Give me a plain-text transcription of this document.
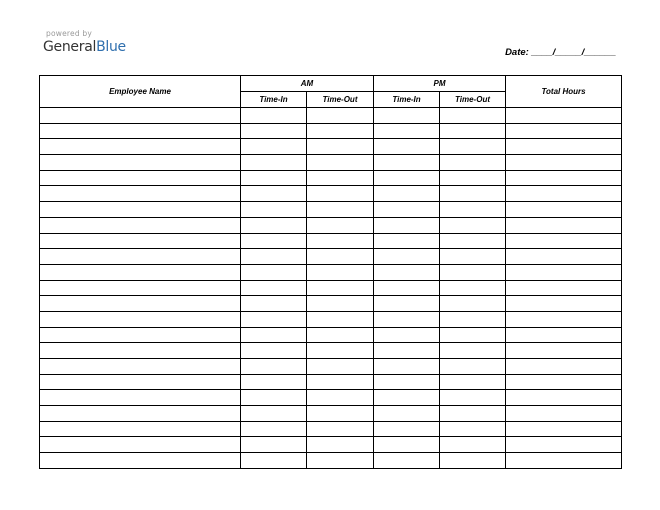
powered by
GeneralBlue	Date: ____/_____/______
Employee Name	AM		PM		Total Hours
	Time-In	Time-Out	Time-In	Time-Out	
